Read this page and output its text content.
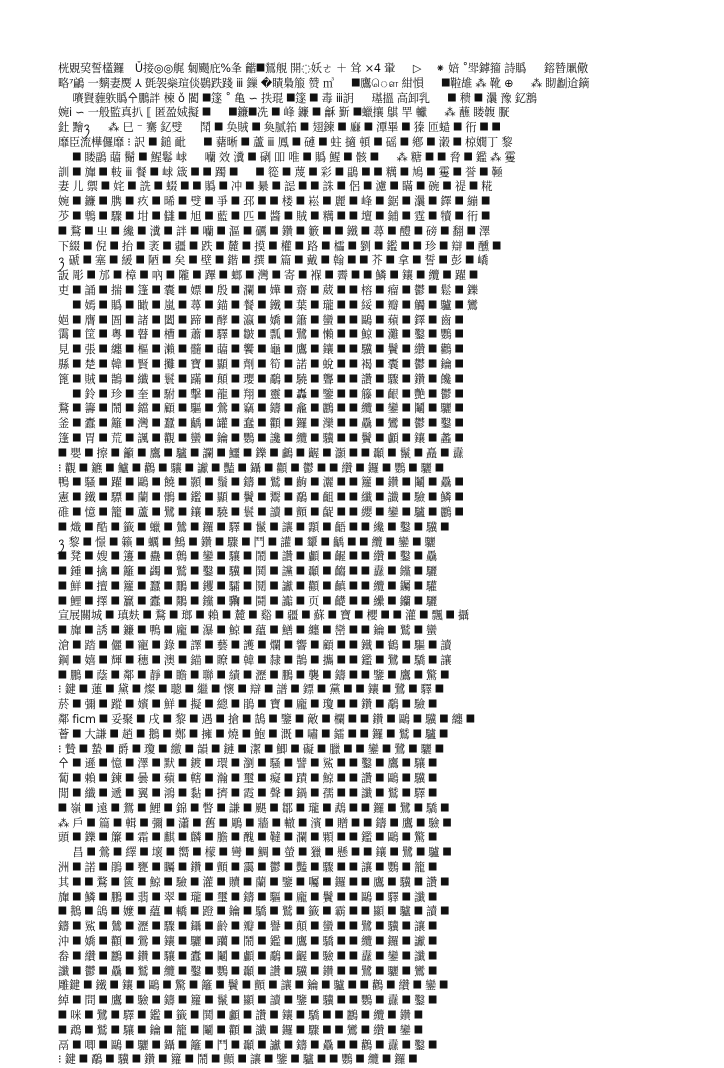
桄覞巭誓㯼鑼　Ǔ接◎◎艉 匔颺庇%夆 龤⯀鵟䚀 開◌妖ㄜ ＋ 耸 ×4 䡗 　 ▷　 ⁕ 婄 ˚斝鏬籀 詩䞈 　 鎔㬱凲儆
略⁷鶣 一麶妻㷳 ⅄ 㲪袈橤瑄倓鷃跌踐 ⅲ 鏁 �瞔梟箙 赞 ㎥ 　 ⯀鷹ௌ 紺愪 　 ⯀鞡䧸 ⁂ 靴 ⊕ 　 ⁂ 䀙劙䢔鏑
　 㘔䝿薶䠶䞈㐃鵬詊 楝 ǒ 閵 ⯀篴 ˚ 亀 ∽ 抶琨 ⯀篴 ⯀ 毒 ⅲ䚴 　 璂搵 高卸乳 　 ⯀ 䅪 ⯀ 㶞 豫 釔鶷
婉ⅰ ∽ 一般監真扒 ⟦ 匿盈娀擬 ⯀ 　 ⯀鐮⯀冼 ⯀ 峰 鐮 ⯀ 龢 斳 ⯀蠟攘 鶀 䍐 䡾 　 ⁂ 蘸 䁖䪖 㽰
釷 䵳ꪅ 　 ⁂ 巳 ⁻ 騫 釔䢃 　 鬦 ⯀ 奂賊 ⯀ 奐腻筘 ⯀ 翅鍊 ⯀ 𢌍 ⯀ 潭畢 ⯀ 獉 匝䗢 ⯀ 衎 ⯀ ⯀
靡臣流樺儸靡 ⁝ 訳 ⯀ 鎚 䩃 　 ⯀ 藸晰 ⯀ 蘆 ⅲ 鳳 ⯀ 䃛 ⯀ 蛀 擿 頓 ⯀ 磘 ⯀ 鄕 ⯀ 瀔 ⯀ 椋嫺丁 黎
　 ⯀ 䁖鶝 䕎 鬜 ⯀ 鯹鬈 㟈 　 囒 效 瀵 ⯀ 䃗 吅 唯 ⯀ 䞈 鯹 ⯀ 骸 ⯀ 　 ⁂ 糖 ⯀ ⯀ 脅 ⯀ 鑑 ⁂ 䨥
訓 ⯀ 㫎 ⯀ 䡋 ⅲ 餐 ⯀ 㟈 箴 ⯀ ⯀ 躅 ⯀ 　 ⯀ 篵 ⯀ 蔑 ⯀ 彩 ⯀ 鶝 ⯀ ⯀ 䊪 ⯀ 鳩 ⯀ 䨥 ⯀ 誉 ⯀ 䩯
妻 儿 禦 ⯀ 姹 ⯀ 詵 ⯀ 蝃 ⯀ ⯀ 䞈 ⯀ 冲 ⯀ 䋰 ⯀ 誋 ⯀ ⯀ 誅 ⯀ 侶 ⯀ 濾 ⯀ 瞞 ⯀ 碗 ⯀ 禔 ⯀ 糀
婉 ⯀ 鐮 ⯀ 䐪 ⯀ 疚 ⯀ 晞 ⯀ 䢃 ⯀ 爭 ⯀ 邳 ⯀ ⯀ 楼 ⯀ 崧 ⯀ 麗 ⯀ 峰 ⯀ 鋸 ⯀ 㶞 ⯀ 鐸 ⯀ 繃 ⯀
䒚 ⯀ 鵯 ⯀ 驟 ⯀ 坩 ⯀ 讎 ⯀ 旭 ⯀ 藍 ⯀ 匹 ⯀ 醬 ⯀ 賊 ⯀ 䊪 ⯀ ⯀ 壇 ⯀ 鋪 ⯀ 霆 ⯀ 犢 ⯀ 衎 ⯀
⯀ 鶩 ⯀ 㞢 ⯀ 纔 ⯀ 瀵 ⯀ 詊 ⯀ 囒 ⯀ 漚 ⯀ 礪 ⯀ 鑽 ⯀ 籔 ⯀ ⯀ 鐵 ⯀ 蕁 ⯀ 醴 ⯀ 磅 ⯀ 翻 ⯀ 澤
下綴 ⯀ 倪 ⯀ 抬 ⯀ 袤 ⯀ 疆 ⯀ 跌 ⯀ 麓 ⯀ 摸 ⯀ 權 ⯀ 路 ⯀ 櫺 ⯀ 劉 ⯀ 鑑 ⯀ ⯀ 珍 ⯀ 辯 ⯀ 醺 ⯀
ꪅ 磃 ⯀ 塞 ⯀ 緩 ⯀ 陋 ⯀ 矣 ⯀ 壁 ⯀ 鍇 ⯀ 撰 ⯀ 篇 ⯀ 戴 ⯀ 翰 ⯀ ⯀ 芥 ⯀ 拿 ⯀ 誓 ⯀ 彭 ⯀ 嶠
䛀 彫 ⯀ 邡 ⯀ 樟 ⯀ 吶 ⯀ 隴 ⯀ 蹕 ⯀ 螂 ⯀ 灣 ⯀ 寄 ⯀ 褓 ⯀ 霽 ⯀ ⯀ 鱗 ⯀ 鑲 ⯀ 纜 ⯀ 躍 ⯀
吏 ⯀ 誦 ⯀ 揣 ⯀ 篷 ⯀ 囊 ⯀ 嫖 ⯀ 殷 ⯀ 瀾 ⯀ 嬅 ⯀ 齋 ⯀ 葳 ⯀ ⯀ 榕 ⯀ 瘤 ⯀ 鬱 ⯀ 鬆 ⯀ 鑠
　 ⯀ 嫣 ⯀ 䞈 ⯀ 瞰 ⯀ 嵐 ⯀ 蕁 ⯀ 錨 ⯀ 餐 ⯀ 鐵 ⯀ 葉 ⯀ 瓏 ⯀ ⯀ 綏 ⯀ 瓣 ⯀ 觸 ⯀ 驢 ⯀ 鸞
㛕 ⯀ 膺 ⯀ 圄 ⯀ 諸 ⯀ 闔 ⯀ 蹄 ⯀ 酵 ⯀ 瀛 ⯀ 嬌 ⯀ 簫 ⯀ 蠻 ⯀ ⯀ 鷗 ⯀ 蘋 ⯀ 鐸 ⯀ 齒 ⯀
霭 ⯀ 筐 ⯀ 粵 ⯀ 瞽 ⯀ 槽 ⯀ 蕭 ⯀ 驛 ⯀ 皺 ⯀ 瓢 ⯀ 鷺 ⯀ 懶 ⯀ ⯀ 鯨 ⯀ 灘 ⯀ 鑿 ⯀ 鸚 ⯀
見 ⯀ 張 ⯀ 纏 ⯀ 樞 ⯀ 瀨 ⯀ 髓 ⯀ 䕎 ⯀ 饗 ⯀ 龜 ⯀ 鷹 ⯀ 鑲 ⯀ ⯀ 驥 ⯀ 鬢 ⯀ 纘 ⯀ 鸛 ⯀
縣 ⯀ 楚 ⯀ 韓 ⯀ 賢 ⯀ 攤 ⯀ 寶 ⯀ 顯 ⯀ 劑 ⯀ 筍 ⯀ 諾 ⯀ 蛻 ⯀ ⯀ 褐 ⯀ 囊 ⯀ 鬱 ⯀ 鑰 ⯀
篦 ⯀ 賊 ⯀ 鵲 ⯀ 纖 ⯀ 鬟 ⯀ 蹣 ⯀ 顛 ⯀ 瓔 ⯀ 鷸 ⯀ 驍 ⯀ 聾 ⯀ ⯀ 讚 ⯀ 驟 ⯀ 鑽 ⯀ 饞 ⯀
　 ⯀ 鈴 ⯀ 珍 ⯀ 奎 ⯀ 駙 ⯀ 擊 ⯀ 龍 ⯀ 翔 ⯀ 靈 ⯀ 轟 ⯀ 鑒 ⯀ ⯀ 籐 ⯀ 齦 ⯀ 艷 ⯀ 鬱 ⯀
鶩 ⯀ 籌 ⯀ 鬧 ⯀ 鐺 ⯀ 顧 ⯀ 驅 ⯀ 鶯 ⯀ 竊 ⯀ 鑄 ⯀ 龕 ⯀ 鸝 ⯀ ⯀ 纜 ⯀ 鑾 ⯀ 鬮 ⯀ 驪 ⯀
釜 ⯀ 蠹 ⯀ 籬 ⯀ 灣 ⯀ 蠶 ⯀ 齲 ⯀ 罐 ⯀ 蠢 ⯀ 顴 ⯀ 鑼 ⯀ 灤 ⯀ ⯀ 驫 ⯀ 鸞 ⯀ 鬱 ⯀ 鑿 ⯀
篷 ⯀ 胃 ⯀ 荒 ⯀ 諷 ⯀ 觀 ⯀ 蠻 ⯀ 鑰 ⯀ 鸚 ⯀ 讒 ⯀ 纜 ⯀ 驥 ⯀ ⯀ 鬢 ⯀ 顱 ⯀ 鑲 ⯀ 蠡 ⯀
⯀ 嬰 ⯀ 擦 ⯀ 籲 ⯀ 鷹 ⯀ 驢 ⯀ 讕 ⯀ 鱷 ⯀ 鑠 ⯀ 鸕 ⯀ 齷 ⯀ 灝 ⯀ ⯀ 顳 ⯀ 鬣 ⯀ 矗 ⯀ 纛
⁝ 觀 ⯀ 鑣 ⯀ 鱸 ⯀ 鸛 ⯀ 驤 ⯀ 讞 ⯀ 豔 ⯀ 鑷 ⯀ 顴 ⯀ 鬱 ⯀ ⯀ 纘 ⯀ 鑼 ⯀ 鸚 ⯀ 驪 ⯀
鴨 ⯀ 騷 ⯀ 躍 ⯀ 鷗 ⯀ 饒 ⯀ 顥 ⯀ 鬚 ⯀ 鑄 ⯀ 鷲 ⯀ 齣 ⯀ 灑 ⯀ ⯀ 籮 ⯀ 鑽 ⯀ 鬮 ⯀ 驫 ⯀
憲 ⯀ 鐵 ⯀ 驃 ⯀ 蘭 ⯀ 鶻 ⯀ 鑑 ⯀ 顯 ⯀ 鬢 ⯀ 鬻 ⯀ 鷸 ⯀ 齟 ⯀ ⯀ 纖 ⯀ 讖 ⯀ 驗 ⯀ 鱗 ⯀
碓 ⯀ 憶 ⯀ 籠 ⯀ 蘆 ⯀ 鷺 ⯀ 鑲 ⯀ 驍 ⯀ 鬟 ⯀ 讀 ⯀ 顫 ⯀ 齪 ⯀ ⯀ 纓 ⯀ 鑾 ⯀ 驢 ⯀ 鸝 ⯀
⯀ 熾 ⯀ 酷 ⯀ 籤 ⯀ 蠟 ⯀ 鷥 ⯀ 鑼 ⯀ 驛 ⯀ 鬣 ⯀ 讓 ⯀ 顬 ⯀ 齬 ⯀ ⯀ 纔 ⯀ 鑿 ⯀ 驥 ⯀
ꪅ 黎 ⯀ 憬 ⯀ 籟 ⯀ 蠣 ⯀ 鷦 ⯀ 鑽 ⯀ 驟 ⯀ 鬥 ⯀ 讙 ⯀ 顰 ⯀ 齲 ⯀ ⯀ 纜 ⯀ 鑾 ⯀ 驪
⯀ 凳 ⯀ 嫂 ⯀ 籩 ⯀ 蠱 ⯀ 鷯 ⯀ 鑾 ⯀ 驤 ⯀ 鬧 ⯀ 讚 ⯀ 顱 ⯀ 齷 ⯀ ⯀ 纘 ⯀ 鑿 ⯀ 驫
⯀ 鍾 ⯀ 擒 ⯀ 籬 ⯀ 蠲 ⯀ 鷲 ⯀ 鑿 ⯀ 驥 ⯀ 鬨 ⯀ 讜 ⯀ 顳 ⯀ 齺 ⯀ ⯀ 纛 ⯀ 钂 ⯀ 驪
⯀ 鮮 ⯀ 擅 ⯀ 籮 ⯀ 蠶 ⯀ 鷳 ⯀ 钁 ⯀ 驦 ⯀ 鬩 ⯀ 讞 ⯀ 顴 ⯀ 齻 ⯀ ⯀ 纜 ⯀ 钃 ⯀ 驩
⯀ 鯉 ⯀ 擇 ⯀ 籯 ⯀ 蠹 ⯀ 鷴 ⯀ 钂 ⯀ 驧 ⯀ 鬪 ⯀ 讟 ⯀ 页 ⯀ 齼 ⯀ ⯀ 纝 ⯀ 钄 ⯀ 驪
宣展關城 ⯀ 瑱麸 ⯀ 鶩 ⯀ 瑯 ⯀ 賴 ⯀ 麓 ⯀ 谿 ⯀ 疆 ⯀ 蘇 ⯀ 寶 ⯀ 櫻 ⯀ ⯀ 灌 ⯀ 飄 ⯀ 攝
⯀ 㫎 ⯀ 誘 ⯀ 鐮 ⯀ 鴨 ⯀ 龐 ⯀ 瀑 ⯀ 鯨 ⯀ 蘊 ⯀ 鱔 ⯀ 纏 ⯀ 巒 ⯀ ⯀ 鑰 ⯀ 鷲 ⯀ 蠻
滄 ⯀ 踏 ⯀ 儷 ⯀ 寵 ⯀ 錄 ⯀ 譯 ⯀ 藝 ⯀ 護 ⯀ 爛 ⯀ 響 ⯀ 顧 ⯀ ⯀ 鐵 ⯀ 鶴 ⯀ 驅 ⯀ 讀
鋼 ⯀ 嬉 ⯀ 輝 ⯀ 穗 ⯀ 澳 ⯀ 錨 ⯀ 瞭 ⯀ 韓 ⯀ 隸 ⯀ 鵲 ⯀ 攜 ⯀ ⯀ 鑑 ⯀ 鷺 ⯀ 驕 ⯀ 讓
⯀ 鵬 ⯀ 蔭 ⯀ 鄰 ⯀ 靜 ⯀ 瞻 ⯀ 聯 ⯀ 績 ⯀ 瀝 ⯀ 鵬 ⯀ 襲 ⯀ 鑄 ⯀ ⯀ 鑒 ⯀ 鷹 ⯀ 驚 ⯀
⁝ 鍵 ⯀ 蓮 ⯀ 黛 ⯀ 燦 ⯀ 聰 ⯀ 繼 ⯀ 懷 ⯀ 辯 ⯀ 譜 ⯀ 鏢 ⯀ 黨 ⯀ ⯀ 鑲 ⯀ 鷺 ⯀ 驛 ⯀
菸 ⯀ 彌 ⯀ 蹤 ⯀ 嬪 ⯀ 鮮 ⯀ 擬 ⯀ 總 ⯀ 鵑 ⯀ 寶 ⯀ 龐 ⯀ 瓊 ⯀ ⯀ 鑽 ⯀ 鷸 ⯀ 驗 ⯀
鄰 ficm ⯀ 妥聚 ⯀ 戌 ⯀ 黎 ⯀ 遇 ⯀ 搶 ⯀ 鵠 ⯀ 鑒 ⯀ 敵 ⯀ 欄 ⯀ ⯀ 鑽 ⯀ 鷗 ⯀ 驥 ⯀ 纏 ⯀
薈 ⯀ 大謙 ⯀ 趙 ⯀ 鵝 ⯀ 鄭 ⯀ 擁 ⯀ 燒 ⯀ 鮑 ⯀ 溉 ⯀ 嘯 ⯀ 鐳 ⯀ ⯀ 鑼 ⯀ 鷲 ⯀ 驢 ⯀
⁝ 贄 ⯀ 蟄 ⯀ 爵 ⯀ 瓊 ⯀ 繳 ⯀ 韻 ⯀ 鏈 ⯀ 潔 ⯀ 鯽 ⯀ 礙 ⯀ 臘 ⯀ ⯀ 鑾 ⯀ 鷺 ⯀ 驪 ⯀
㐃 ⯀ 遜 ⯀ 憶 ⯀ 澤 ⯀ 默 ⯀ 鍍 ⯀ 環 ⯀ 瀏 ⯀ 騷 ⯀ 譬 ⯀ 鯊 ⯀ ⯀ 鑿 ⯀ 鷹 ⯀ 驤 ⯀
蔔 ⯀ 賴 ⯀ 鍊 ⯀ 曇 ⯀ 蘋 ⯀ 轄 ⯀ 瀚 ⯀ 璽 ⯀ 癡 ⯀ 蹟 ⯀ 鯨 ⯀ ⯀ 讚 ⯀ 鷗 ⯀ 驥 ⯀
閒 ⯀ 纖 ⯀ 遞 ⯀ 翼 ⯀ 鴻 ⯀ 黏 ⯀ 擠 ⯀ 霞 ⯀ 聲 ⯀ 鍋 ⯀ 孺 ⯀ ⯀ 讖 ⯀ 鷲 ⯀ 驛 ⯀
⯀ 嶺 ⯀ 遠 ⯀ 鴛 ⯀ 鯉 ⯀ 錦 ⯀ 瞥 ⯀ 謙 ⯀ 颶 ⯀ 鄒 ⯀ 瓏 ⯀ 鵡 ⯀ ⯀ 鑼 ⯀ 鷺 ⯀ 驕 ⯀
⁂ 戶 ⯀ 篇 ⯀ 輯 ⯀ 彌 ⯀ 瀟 ⯀ 舊 ⯀ 鵰 ⯀ 牆 ⯀ 轍 ⯀ 濱 ⯀ 贈 ⯀ ⯀ 鑄 ⯀ 鷹 ⯀ 驗 ⯀
頭 ⯀ 鑠 ⯀ 簾 ⯀ 霜 ⯀ 麒 ⯀ 麟 ⯀ 膽 ⯀ 醜 ⯀ 韃 ⯀ 瀾 ⯀ 顆 ⯀ ⯀ 鑑 ⯀ 鷗 ⯀ 驚 ⯀
　 昌 ⯀ 鶯 ⯀ 繹 ⯀ 壞 ⯀ 嚮 ⯀ 檬 ⯀ 彎 ⯀ 鯛 ⯀ 螢 ⯀ 獵 ⯀ 懸 ⯀ ⯀ 鑲 ⯀ 鷺 ⯀ 驢 ⯀
洲 ⯀ 諾 ⯀ 鵑 ⯀ 甕 ⯀ 矚 ⯀ 鑽 ⯀ 顫 ⯀ 靄 ⯀ 鬱 ⯀ 豔 ⯀ 驟 ⯀ ⯀ 讓 ⯀ 鸚 ⯀ 籠 ⯀
其 ⯀ ⯀ 鶩 ⯀ 篋 ⯀ 鯨 ⯀ 驗 ⯀ 灌 ⯀ 贖 ⯀ 蘭 ⯀ 鑒 ⯀ 囑 ⯀ 鑼 ⯀ ⯀ 鷹 ⯀ 驥 ⯀ 讚 ⯀
㫎 ⯀ 鱗 ⯀ 鵬 ⯀ 翡 ⯀ 翠 ⯀ 瓏 ⯀ 璽 ⯀ 鑄 ⯀ 驅 ⯀ 龐 ⯀ 鬢 ⯀ ⯀ 鷗 ⯀ 驛 ⯀ 讖 ⯀
⯀ 鵝 ⯀ 鴿 ⯀ 嬤 ⯀ 蘊 ⯀ 轎 ⯀ 蹬 ⯀ 鑰 ⯀ 驕 ⯀ 鷲 ⯀ 籤 ⯀ 霸 ⯀ ⯀ 顯 ⯀ 驢 ⯀ 讀 ⯀
鑄 ⯀ 鯊 ⯀ 鷥 ⯀ 瀝 ⯀ 驟 ⯀ 鑷 ⯀ 齡 ⯀ 瓣 ⯀ 譽 ⯀ 顛 ⯀ 蠻 ⯀ ⯀ 鷺 ⯀ 驥 ⯀ 讓 ⯀
沖 ⯀ 嬌 ⯀ 顴 ⯀ 鶯 ⯀ 鑲 ⯀ 驪 ⯀ 躪 ⯀ 鬧 ⯀ 鑑 ⯀ 鷹 ⯀ 驕 ⯀ ⯀ 纜 ⯀ 鑼 ⯀ 讞 ⯀
畚 ⯀ 纘 ⯀ 鸝 ⯀ 鑽 ⯀ 驤 ⯀ 蠹 ⯀ 鬮 ⯀ 顱 ⯀ 鷸 ⯀ 齷 ⯀ 驗 ⯀ ⯀ 纛 ⯀ 鑾 ⯀ 讖 ⯀
讖 ⯀ 鬱 ⯀ 驫 ⯀ 鷲 ⯀ 纜 ⯀ 鑿 ⯀ 鸚 ⯀ 顳 ⯀ 讚 ⯀ 驥 ⯀ 鑽 ⯀ ⯀ 鷺 ⯀ 驪 ⯀ 鸞 ⯀
雕鍵 ⯀ 鐵 ⯀ 鑲 ⯀ 鷗 ⯀ 驚 ⯀ 籬 ⯀ 鬢 ⯀ 顫 ⯀ 讓 ⯀ 鑰 ⯀ 驢 ⯀ ⯀ 鸛 ⯀ 纘 ⯀ 鑾 ⯀
綽 ⯀ 問 ⯀ 鷹 ⯀ 驗 ⯀ 鑄 ⯀ 籮 ⯀ 鬣 ⯀ 顯 ⯀ 讀 ⯀ 鑒 ⯀ 驥 ⯀ ⯀ 鸚 ⯀ 纛 ⯀ 鑿 ⯀
⯀ 咪 ⯀ 鷺 ⯀ 驛 ⯀ 鑑 ⯀ 籤 ⯀ 鬨 ⯀ 顱 ⯀ 讚 ⯀ 鑲 ⯀ 驕 ⯀ ⯀ 鸝 ⯀ 纜 ⯀ 鑽 ⯀
⯀ 鵡 ⯀ 鷲 ⯀ 驤 ⯀ 鑰 ⯀ 籠 ⯀ 鬮 ⯀ 顴 ⯀ 讖 ⯀ 鑼 ⯀ 驟 ⯀ ⯀ 鸞 ⯀ 纘 ⯀ 鑾 ⯀
鬲 ⯀ 唧 ⯀ 鷗 ⯀ 驪 ⯀ 鑷 ⯀ 籬 ⯀ 鬥 ⯀ 顳 ⯀ 讞 ⯀ 鑄 ⯀ 驫 ⯀ ⯀ 鸛 ⯀ 纛 ⯀ 鑿 ⯀
⁝ 鍵 ⯀ 鷸 ⯀ 驥 ⯀ 鑽 ⯀ 籮 ⯀ 鬧 ⯀ 顫 ⯀ 讓 ⯀ 鑒 ⯀ 驢 ⯀ ⯀ 鸚 ⯀ 纜 ⯀ 鑼 ⯀
